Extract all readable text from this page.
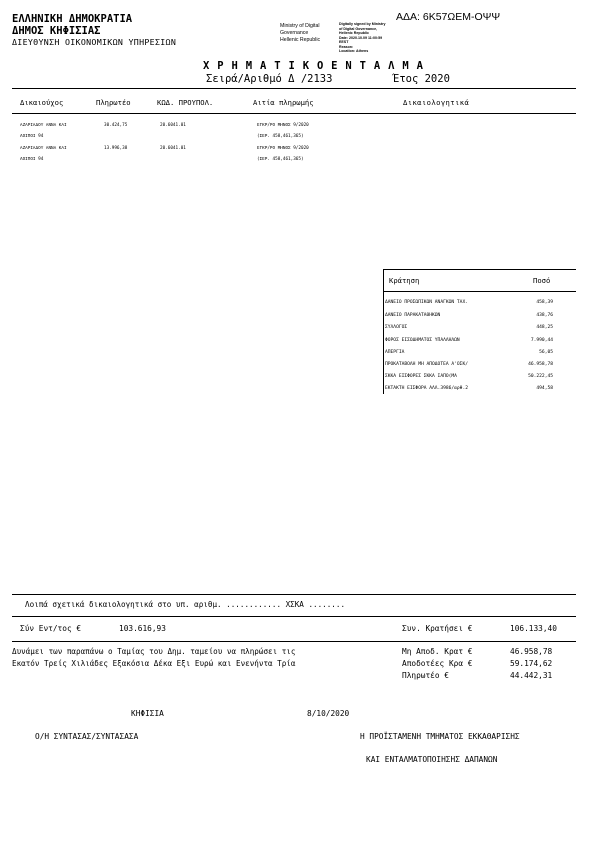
ΑΔΑ: 6Κ57ΩΕΜ-ΟΨΨ
ΕΛΛΗΝΙΚΗ ΔΗΜΟΚΡΑΤΙΑ
ΔΗΜΟΣ ΚΗΦΙΣΙΑΣ
ΔΙΕΥΘΥΝΣΗ ΟΙΚΟΝΟΜΙΚΩΝ ΥΠΗΡΕΣΙΩΝ
Ministry of Digital
Governance
Hellenic Republic
Digitally signed by Ministry
of Digital Governance,
Hellenic Republic
Date: 2020.10.09 11:00:59
EEST
Reason:
Location: Athens
Χ Ρ Η Μ Α Τ Ι Κ Ο Ε Ν Τ Α Λ Μ Α
Σειρά/Αριθμό Δ /2133	Έτος 2020
Δικαιούχος	Πληρωτέο	ΚΩΔ. ΠΡΟΥΠΟΛ.	Αιτία πληρωμής	Δικαιολογητικά
ΑΖΑΡΙΑΔΟΥ ΑΝΝΑ ΚΑΙ	30.424,75	20.6041.01	ΕΓΚΡ/ΡΟ ΜΗΝΟΣ 9/2020
ΛΟΙΠΟΙ 94	(ΣΕΡ. 458,461,365)
ΑΖΑΡΙΑΔΟΥ ΑΝΝΑ ΚΑΙ	13.996,38	20.6041.01	ΕΓΚΡ/ΡΟ ΜΗΝΟΣ 9/2020
ΛΟΙΠΟΙ 94	(ΣΕΡ. 458,461,365)
Κράτηση	Ποσό
ΔΑΝΕΙΟ ΠΡΟΣΩΠΙΚΩΝ ΑΝΑΓΚΩΝ ΤΑΧ.	458,39
ΔΑΝΕΙΟ ΠΑΡΑΚΑΤΑΘΗΚΩΝ	438,76
ΣΥΛΛΟΓΟΣ	448,25
ΦΟΡΟΣ ΕΙΣΟΔΗΜΑΤΟΣ ΥΠΑΛΛΗΛΩΝ	7.990,44
ΑΠΕΡΓΙΑ	56,05
ΠΡΟΚΑΤΑΒΟΛΗ ΜΗ ΑΠΟΔΟΤΕΑ Α'ΟΣΚ/	46.958,78
ΣΚΚΑ ΕΙΣΦΟΡΕΣ ΣΚΚΑ ΙΑΠΟ(ΜΑ	50.222,45
ΕΚΤΑΚΤΗ ΕΙΣΦΟΡΑ ΑΛΛ.3986/αρθ.2	494,58
Λοιπά σχετικά δικαιολογητικά στο υπ. αριθμ. ............ ΧΣΚΑ ........
Σύν Εντ/τος €	103.616,93	Συν. Κρατήσει €	106.133,40
Δυνάμει των παραπάνω ο Ταμίας του Δημ. ταμείου να πληρώσει τις
Εκατόν Τρείς Χιλιάδες Εξακόσια Δέκα Εξι Ευρώ και Ενενήντα Τρία
Μη Αποδ. Κρατ €	46.958,78
Αποδοτέες Κρα €	59.174,62
Πληρωτέο €	44.442,31
ΚΗΦΙΣΙΑ	8/10/2020
Ο/Η ΣΥΝΤΑΣΑΣ/ΣΥΝΤΑΣΑΣΑ	Η ΠΡΟΪΣΤΑΜΕΝΗ ΤΜΗΜΑΤΟΣ ΕΚΚΑΘΑΡΙΣΗΣ
ΚΑΙ ΕΝΤΑΛΜΑΤΟΠΟΙΗΣΗΣ ΔΑΠΑΝΩΝ
